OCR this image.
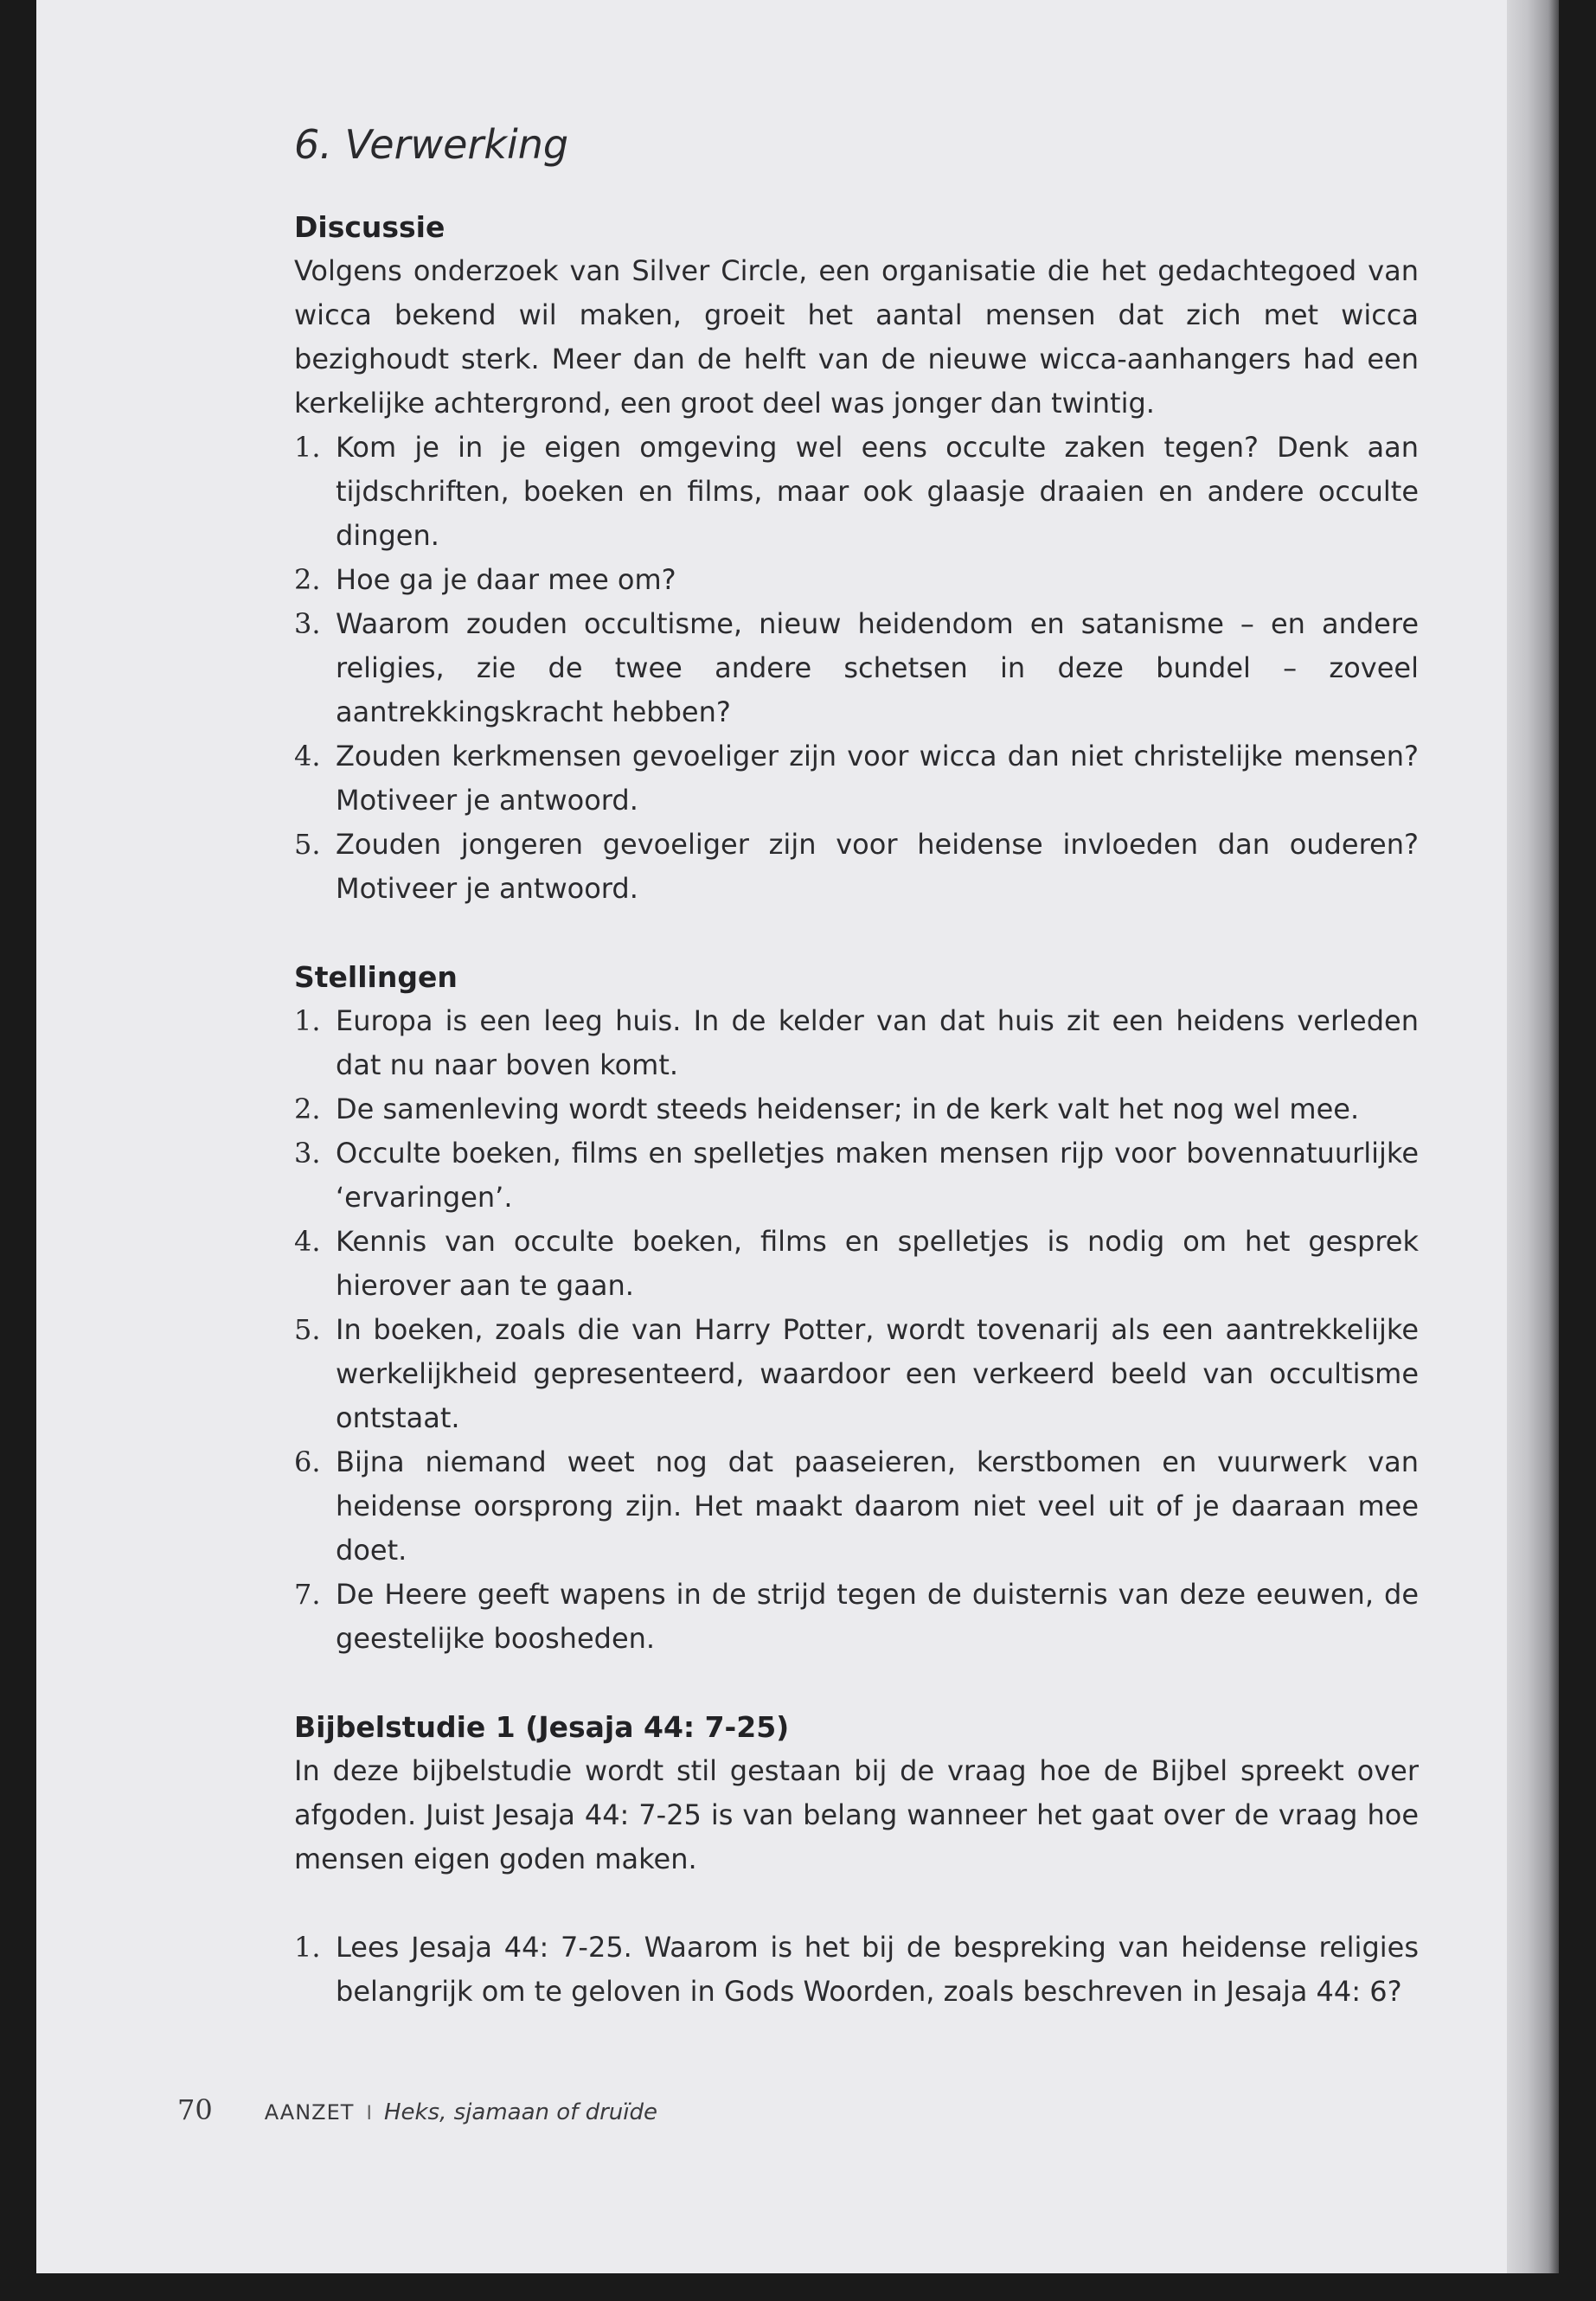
6. Verwerking
Discussie

Volgens onderzoek van Silver Circle, een organisatie die het gedachtegoed van wicca bekend wil maken, groeit het aantal mensen dat zich met wicca bezighoudt sterk. Meer dan de helft van de nieuwe wicca-aanhangers had een kerkelijke achtergrond, een groot deel was jonger dan twintig.

1. Kom je in je eigen omgeving wel eens occulte zaken tegen? Denk aan tijdschriften, boeken en films, maar ook glaasje draaien en andere occulte dingen.
2. Hoe ga je daar mee om?
3. Waarom zouden occultisme, nieuw heidendom en satanisme – en andere religies, zie de twee andere schetsen in deze bundel – zoveel aantrekkingskracht hebben?
4. Zouden kerkmensen gevoeliger zijn voor wicca dan niet christelijke mensen? Motiveer je antwoord.
5. Zouden jongeren gevoeliger zijn voor heidense invloeden dan ouderen? Motiveer je antwoord.
Stellingen
1. Europa is een leeg huis. In de kelder van dat huis zit een heidens verleden dat nu naar boven komt.
2. De samenleving wordt steeds heidenser; in de kerk valt het nog wel mee.
3. Occulte boeken, films en spelletjes maken mensen rijp voor bovennatuurlijke ‘ervaringen’.
4. Kennis van occulte boeken, films en spelletjes is nodig om het gesprek hierover aan te gaan.
5. In boeken, zoals die van Harry Potter, wordt tovenarij als een aantrekkelijke werkelijkheid gepresenteerd, waardoor een verkeerd beeld van occultisme ontstaat.
6. Bijna niemand weet nog dat paaseieren, kerstbomen en vuurwerk van heidense oorsprong zijn. Het maakt daarom niet veel uit of je daaraan mee doet.
7. De Heere geeft wapens in de strijd tegen de duisternis van deze eeuwen, de geestelijke boosheden.
Bijbelstudie 1 (Jesaja 44: 7-25)

In deze bijbelstudie wordt stil gestaan bij de vraag hoe de Bijbel spreekt over afgoden. Juist Jesaja 44: 7-25 is van belang wanneer het gaat over de vraag hoe mensen eigen goden maken.

1. Lees Jesaja 44: 7-25. Waarom is het bij de bespreking van heidense religies belangrijk om te geloven in Gods Woorden, zoals beschreven in Jesaja 44: 6?
70	AANZET I Heks, sjamaan of druïde
